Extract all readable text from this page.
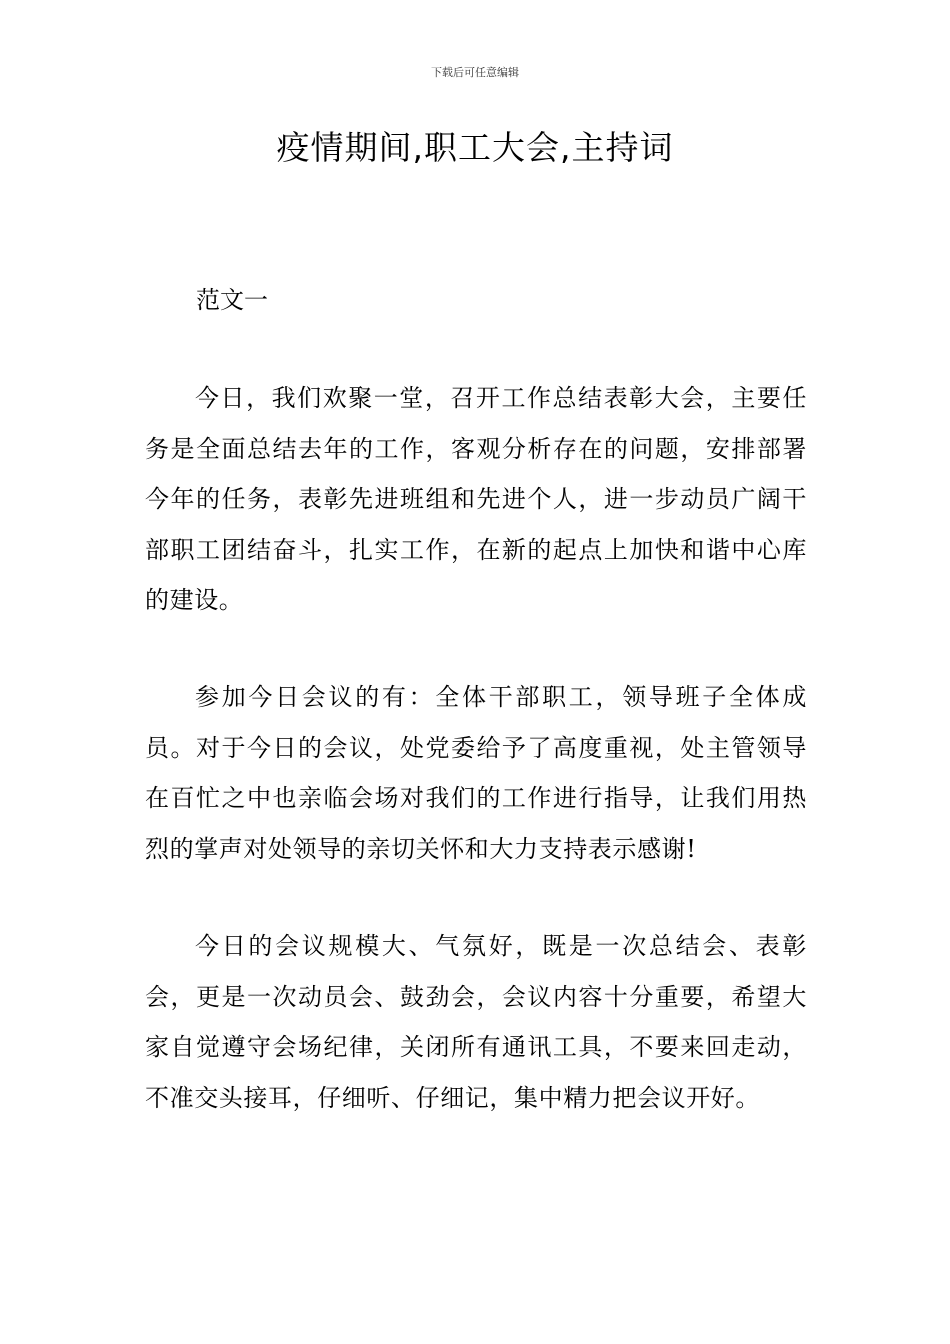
下载后可任意编辑
疫情期间,职工大会,主持词

范文一

今日，我们欢聚一堂，召开工作总结表彰大会，主要任务是全面总结去年的工作，客观分析存在的问题，安排部署今年的任务，表彰先进班组和先进个人，进一步动员广阔干部职工团结奋斗，扎实工作，在新的起点上加快和谐中心库的建设。

参加今日会议的有：全体干部职工，领导班子全体成员。对于今日的会议，处党委给予了高度重视，处主管领导在百忙之中也亲临会场对我们的工作进行指导，让我们用热烈的掌声对处领导的亲切关怀和大力支持表示感谢!

今日的会议规模大、气氛好，既是一次总结会、表彰会，更是一次动员会、鼓劲会，会议内容十分重要，希望大家自觉遵守会场纪律，关闭所有通讯工具，不要来回走动，不准交头接耳，仔细听、仔细记，集中精力把会议开好。
